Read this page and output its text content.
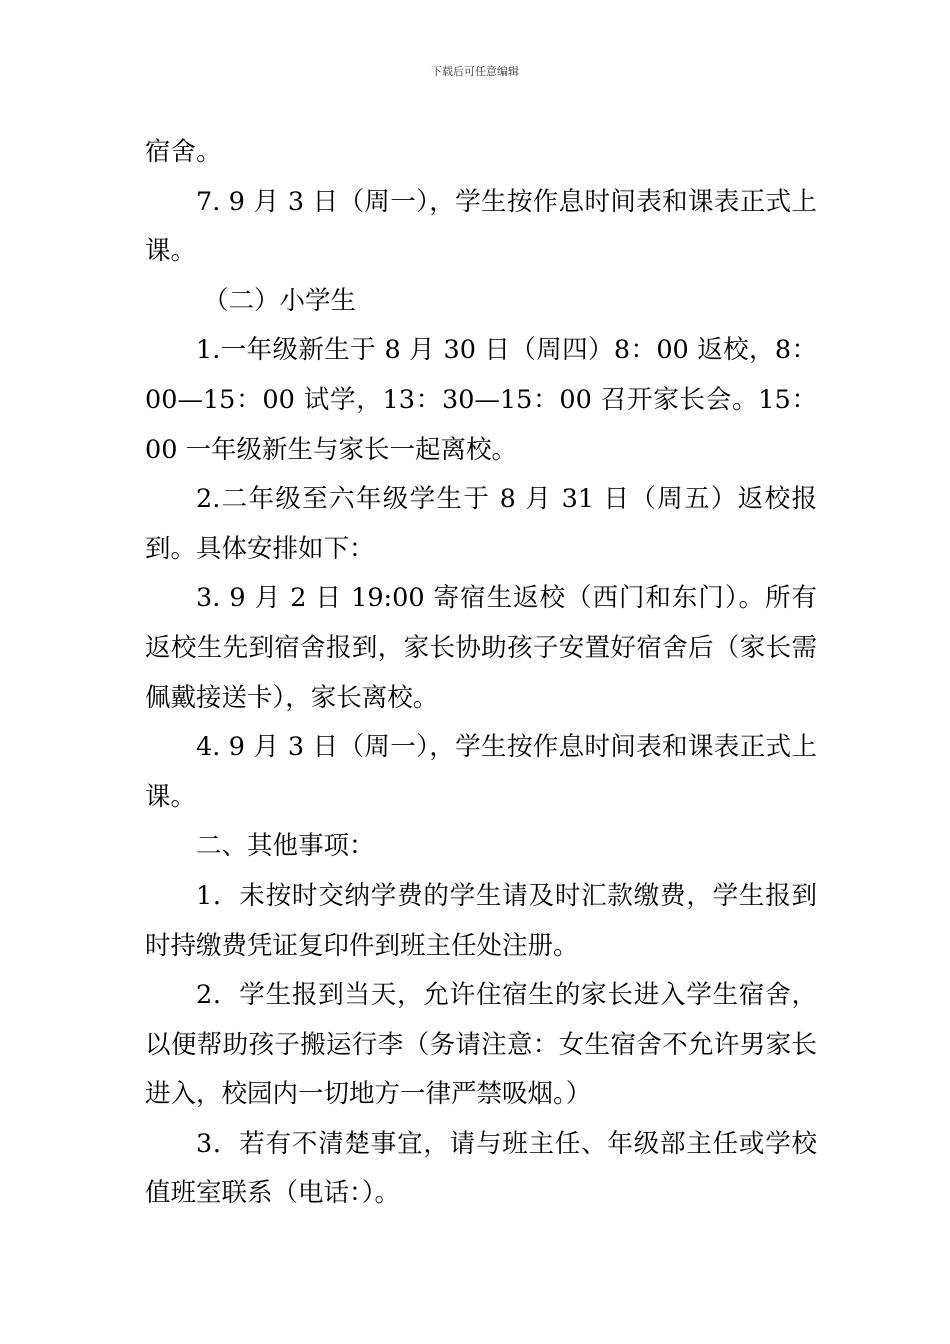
下载后可任意编辑

宿舍。

7. 9 月 3 日（周一），学生按作息时间表和课表正式上课。

（二）小学生

1.一年级新生于 8 月 30 日（周四）8：00 返校，8：00—15：00 试学，13：30—15：00 召开家长会。15：00 一年级新生与家长一起离校。

2.二年级至六年级学生于 8 月 31 日（周五）返校报到。具体安排如下：

3. 9 月 2 日 19:00 寄宿生返校（西门和东门）。所有返校生先到宿舍报到，家长协助孩子安置好宿舍后（家长需佩戴接送卡），家长离校。

4. 9 月 3 日（周一），学生按作息时间表和课表正式上课。

二、其他事项：

1．未按时交纳学费的学生请及时汇款缴费，学生报到时持缴费凭证复印件到班主任处注册。

2．学生报到当天，允许住宿生的家长进入学生宿舍，以便帮助孩子搬运行李（务请注意：女生宿舍不允许男家长进入，校园内一切地方一律严禁吸烟。）

3．若有不清楚事宜，请与班主任、年级部主任或学校值班室联系（电话：）。
